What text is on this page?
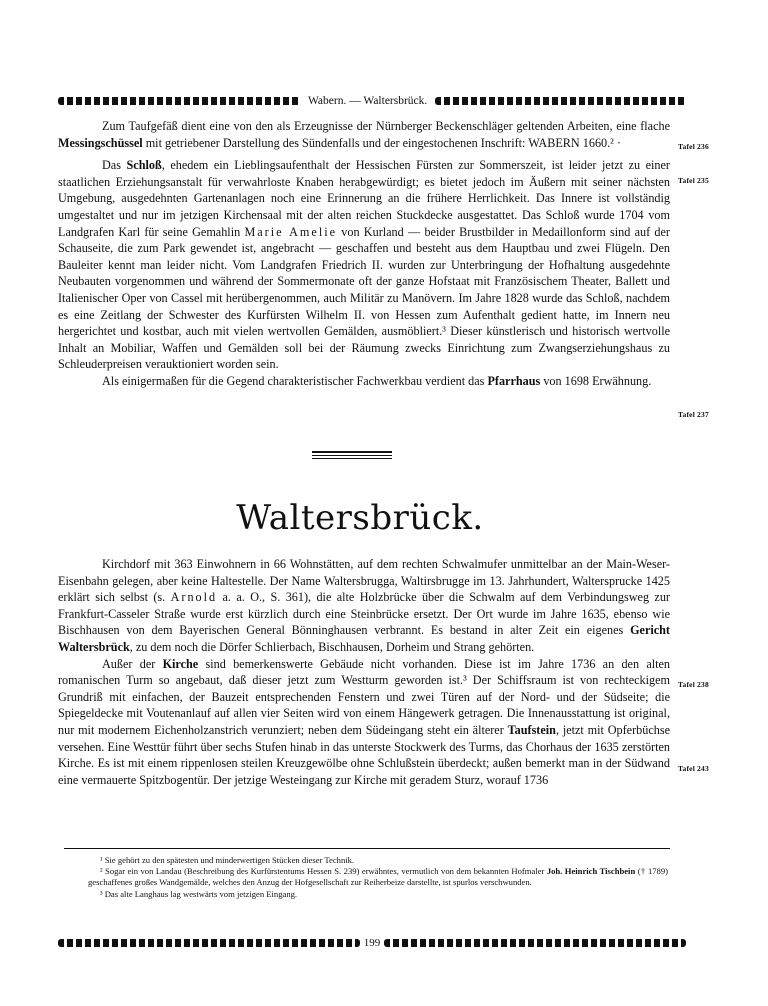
Wabern. — Waltersbrück.

Zum Taufgefäß dient eine von den als Erzeugnisse der Nürnberger Beckenschläger geltenden Arbeiten, eine flache Messingschüssel mit getriebener Darstellung des Sündenfalls und der eingestochenen Inschrift: WABERN 1660.² ·

Das Schloß, ehedem ein Lieblingsaufenthalt der Hessischen Fürsten zur Sommerszeit, ist leider jetzt zu einer staatlichen Erziehungsanstalt für verwahrloste Knaben herabgewürdigt; es bietet jedoch im Äußern mit seiner nächsten Umgebung, ausgedehnten Gartenanlagen noch eine Erinnerung an die frühere Herrlichkeit. Das Innere ist vollständig umgestaltet und nur im jetzigen Kirchensaal mit der alten reichen Stuckdecke ausgestattet. Das Schloß wurde 1704 vom Landgrafen Karl für seine Gemahlin Marie Amelie von Kurland — beider Brustbilder in Medaillonform sind auf der Schauseite, die zum Park gewendet ist, angebracht — geschaffen und besteht aus dem Hauptbau und zwei Flügeln. Den Bauleiter kennt man leider nicht. Vom Landgrafen Friedrich II. wurden zur Unterbringung der Hofhaltung ausgedehnte Neubauten vorgenommen und während der Sommermonate oft der ganze Hofstaat mit Französischem Theater, Ballett und Italienischer Oper von Cassel mit herübergenommen, auch Militär zu Manövern. Im Jahre 1828 wurde das Schloß, nachdem es eine Zeitlang der Schwester des Kurfürsten Wilhelm II. von Hessen zum Aufenthalt gedient hatte, im Innern neu hergerichtet und kostbar, auch mit vielen wertvollen Gemälden, ausmöbliert.³ Dieser künstlerisch und historisch wertvolle Inhalt an Mobiliar, Waffen und Gemälden soll bei der Räumung zwecks Einrichtung zum Zwangserziehungshaus zu Schleuderpreisen verauktioniert worden sein.

Als einigermaßen für die Gegend charakteristischer Fachwerkbau verdient das Pfarrhaus von 1698 Erwähnung.

Tafel 236
Tafel 235
Tafel 237
Tafel 238
Tafel 243
Waltersbrück.

Kirchdorf mit 363 Einwohnern in 66 Wohnstätten, auf dem rechten Schwalmufer unmittelbar an der Main-Weser-Eisenbahn gelegen, aber keine Haltestelle. Der Name Waltersbrugga, Waltirsbrugge im 13. Jahrhundert, Waltersprucke 1425 erklärt sich selbst (s. Arnold a. a. O., S. 361), die alte Holzbrücke über die Schwalm auf dem Verbindungsweg zur Frankfurt-Casseler Straße wurde erst kürzlich durch eine Steinbrücke ersetzt. Der Ort wurde im Jahre 1635, ebenso wie Bischhausen von dem Bayerischen General Bönninghausen verbrannt. Es bestand in alter Zeit ein eigenes Gericht Waltersbrück, zu dem noch die Dörfer Schlierbach, Bischhausen, Dorheim und Strang gehörten.

Außer der Kirche sind bemerkenswerte Gebäude nicht vorhanden. Diese ist im Jahre 1736 an den alten romanischen Turm so angebaut, daß dieser jetzt zum Westturm geworden ist.³ Der Schiffsraum ist von rechteckigem Grundriß mit einfachen, der Bauzeit entsprechenden Fenstern und zwei Türen auf der Nord- und der Südseite; die Spiegeldecke mit Voutenanlauf auf allen vier Seiten wird von einem Hängewerk getragen. Die Innenausstattung ist original, nur mit modernem Eichenholzanstrich verunziert; neben dem Südeingang steht ein älterer Taufstein, jetzt mit Opferbüchse versehen. Eine Westtür führt über sechs Stufen hinab in das unterste Stockwerk des Turms, das Chorhaus der 1635 zerstörten Kirche. Es ist mit einem rippenlosen steilen Kreuzgewölbe ohne Schlußstein überdeckt; außen bemerkt man in der Südwand eine vermauerte Spitzbogentür. Der jetzige Westeingang zur Kirche mit geradem Sturz, worauf 1736

¹ Sie gehört zu den spätesten und minderwertigen Stücken dieser Technik.

² Sogar ein von Landau (Beschreibung des Kurfürstentums Hessen S. 239) erwähntes, vermutlich von dem bekannten Hofmaler Joh. Heinrich Tischbein († 1789) geschaffenes großes Wandgemälde, welches den Anzug der Hofgesellschaft zur Reiherbeize darstellte, ist spurlos verschwunden.

³ Das alte Langhaus lag westwärts vom jetzigen Eingang.

199
